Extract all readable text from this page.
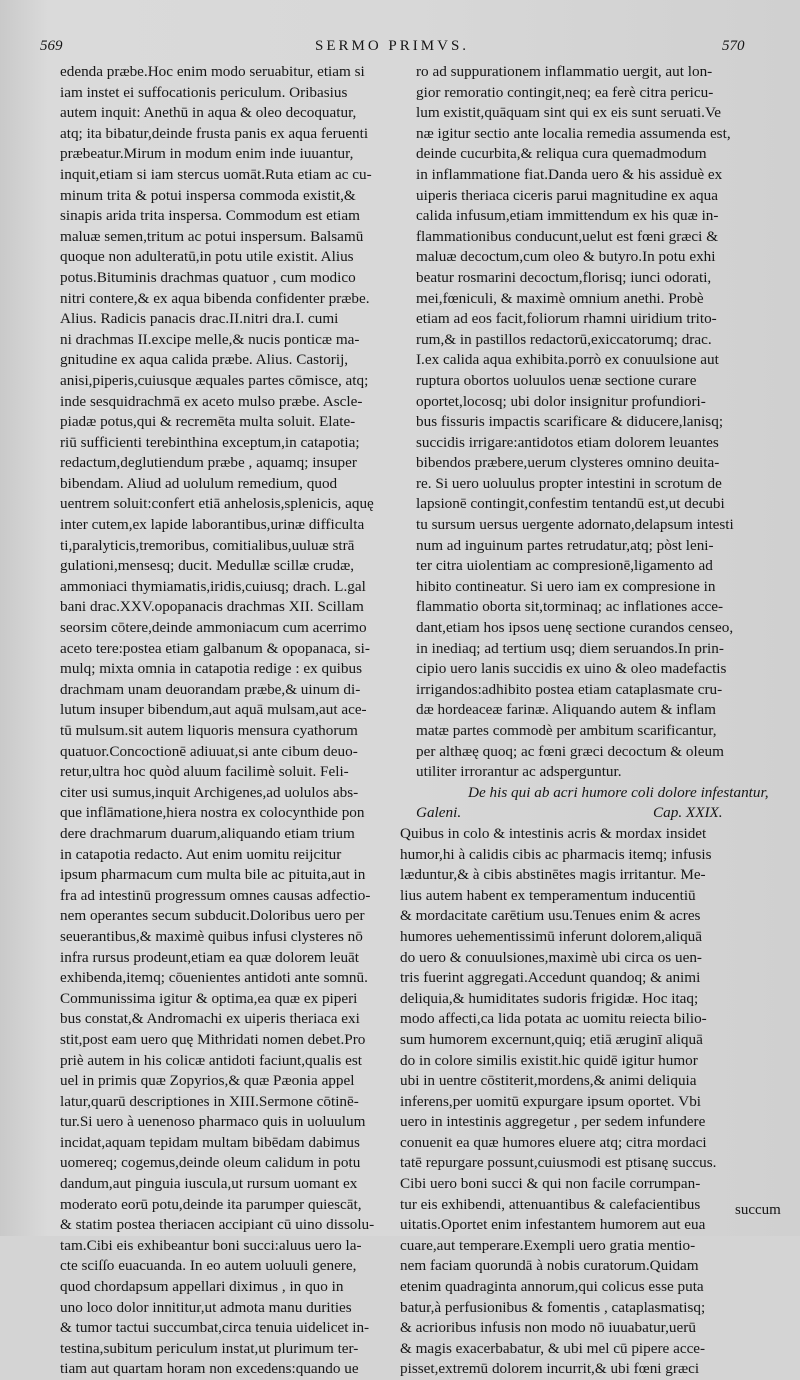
569	SERMO PRIMVS.	570
edenda præbe.Hoc enim modo seruabitur, etiam si
iam instet ei suffocationis periculum. Oribasius
autem inquit: Anethū in aqua & oleo decoquatur,
atq; ita bibatur,deinde frusta panis ex aqua feruenti
præbeatur.Mirum in modum enim inde iuuantur,
inquit,etiam si iam stercus uomāt.Ruta etiam ac cu-
minum trita & potui inspersa commoda existit,&
sinapis arida trita inspersa. Commodum est etiam
maluæ semen,tritum ac potui inspersum. Balsamū
quoque non adulteratū,in potu utile existit. Alius
potus.Bituminis drachmas quatuor , cum modico
nitri contere,& ex aqua bibenda confidenter præbe.
Alius. Radicis panacis drac.II.nitri dra.I. cumi
ni drachmas II.excipe melle,& nucis ponticæ ma-
gnitudine ex aqua calida præbe. Alius. Castorij,
anisi,piperis,cuiusque æquales partes cōmisce, atq;
inde sesquidrachmā ex aceto mulso præbe. Ascle-
piadæ potus,qui & recremēta multa soluit. Elate-
riū sufficienti terebinthina exceptum,in catapotia;
redactum,deglutiendum præbe , aquamq; insuper
bibendam. Aliud ad uolulum remedium, quod
uentrem soluit:confert etiā anhelosis,splenicis, aquę
inter cutem,ex lapide laborantibus,urinæ difficulta
ti,paralyticis,tremoribus, comitialibus,uuluæ strā
gulationi,mensesq; ducit. Medullæ scillæ crudæ,
ammoniaci thymiamatis,iridis,cuiusq; drach. L.gal
bani drac.XXV.opopanacis drachmas XII. Scillam
seorsim cōtere,deinde ammoniacum cum acerrimo
aceto tere:postea etiam galbanum & opopanaca, si-
mulq; mixta omnia in catapotia redige : ex quibus
drachmam unam deuorandam præbe,& uinum di-
lutum insuper bibendum,aut aquā mulsam,aut ace-
tū mulsum.sit autem liquoris mensura cyathorum
quatuor.Concoctionē adiuuat,si ante cibum deuo-
retur,ultra hoc quòd aluum facilimè soluit. Feli-
citer usi sumus,inquit Archigenes,ad uolulos abs-
que inflāmatione,hiera nostra ex colocynthide pon
dere drachmarum duarum,aliquando etiam trium
in catapotia redacto. Aut enim uomitu reijcitur
ipsum pharmacum cum multa bile ac pituita,aut in
fra ad intestinū progressum omnes causas adfectio-
nem operantes secum subducit.Doloribus uero per
seuerantibus,& maximè quibus infusi clysteres nō
infra rursus prodeunt,etiam ea quæ dolorem leuāt
exhibenda,itemq; cōuenientes antidoti ante somnū.
Communissima igitur & optima,ea quæ ex piperi
bus constat,& Andromachi ex uiperis theriaca exi
stit,post eam uero quę Mithridati nomen debet.Pro
priè autem in his colicæ antidoti faciunt,qualis est
uel in primis quæ Zopyrios,& quæ Pæonia appel
latur,quarū descriptiones in XIII.Sermone cōtinē-
tur.Si uero à uenenoso pharmaco quis in uoluulum
incidat,aquam tepidam multam bibēdam dabimus
uomereq; cogemus,deinde oleum calidum in potu
dandum,aut pinguia iuscula,ut rursum uomant ex
moderato eorū potu,deinde ita parumper quiescāt,
& statim postea theriacen accipiant cū uino dissolu-
tam.Cibi eis exhibeantur boni succi:aluus uero la-
cte sciſſo euacuanda. In eo autem uoluuli genere,
quod chordapsum appellari diximus , in quo in
uno loco dolor innititur,ut admota manu durities
& tumor tactui succumbat,circa tenuia uidelicet in-
testina,subitum periculum instat,ut plurimum ter-
tiam aut quartam horam non excedens:quando ue
ro ad suppurationem inflammatio uergit, aut lon-
gior remoratio contingit,neq; ea ferè citra pericu-
lum existit,quāquam sint qui ex eis sunt seruati.Ve
næ igitur sectio ante localia remedia assumenda est,
deinde cucurbita,& reliqua cura quemadmodum
in inflammatione fiat.Danda uero & his assiduè ex
uiperis theriaca ciceris parui magnitudine ex aqua
calida infusum,etiam immittendum ex his quæ in-
flammationibus conducunt,uelut est fœni græci &
maluæ decoctum,cum oleo & butyro.In potu exhi
beatur rosmarini decoctum,florisq; iunci odorati,
mei,fœniculi, & maximè omnium anethi. Probè
etiam ad eos facit,foliorum rhamni uiridium trito-
rum,& in pastillos redactorū,exiccatorumq; drac.
I.ex calida aqua exhibita.porrò ex conuulsione aut
ruptura obortos uoluulos uenæ sectione curare
oportet,locosq; ubi dolor insignitur profundiori-
bus fissuris impactis scarificare & diducere,lanisq;
succidis irrigare:antidotos etiam dolorem leuantes
bibendos præbere,uerum clysteres omnino deuita-
re. Si uero uoluulus propter intestini in scrotum de
lapsionē contingit,confestim tentandū est,ut decubi
tu sursum uersus uergente adornato,delapsum intesti
num ad inguinum partes retrudatur,atq; pòst leni-
ter citra uiolentiam ac compresionē,ligamento ad
hibito contineatur. Si uero iam ex compresione in
flammatio oborta sit,torminaq; ac inflationes acce-
dant,etiam hos ipsos uenę sectione curandos censeo,
in inediaq; ad tertium usq; diem seruandos.In prin-
cipio uero lanis succidis ex uino & oleo madefactis
irrigandos:adhibito postea etiam cataplasmate cru-
dæ hordeaceæ farinæ. Aliquando autem & inflam
matæ partes commodè per ambitum scarificantur,
per althæę quoq; ac fœni græci decoctum & oleum
utiliter irrorantur ac adsperguntur.
De his qui ab acri humore coli dolore infestantur,
Galeni.	Cap. XXIX.
Quibus in colo & intestinis acris & mordax insidet
humor,hi à calidis cibis ac pharmacis itemq; infusis
læduntur,& à cibis abstinētes magis irritantur. Me-
lius autem habent ex temperamentum inducentiū
& mordacitate carētium usu.Tenues enim & acres
humores uehementissimū inferunt dolorem,aliquā
do uero & conuulsiones,maximè ubi circa os uen-
tris fuerint aggregati.Accedunt quandoq; & animi
deliquia,& humiditates sudoris frigidæ. Hoc itaq;
modo affecti,ca lida potata ac uomitu reiecta bilio-
sum humorem excernunt,quiq; etiā æruginī aliquā
do in colore similis existit.hic quidē igitur humor
ubi in uentre cōstiterit,mordens,& animi deliquia
inferens,per uomitū expurgare ipsum oportet. Vbi
uero in intestinis aggregetur , per sedem infundere
conuenit ea quæ humores eluere atq; citra mordaci
tatē repurgare possunt,cuiusmodi est ptisanę succus.
Cibi uero boni succi & qui non facile corrumpan-
tur eis exhibendi, attenuantibus & calefacientibus
uitatis.Oportet enim infestantem humorem aut eua
cuare,aut temperare.Exempli uero gratia mentio-
nem faciam quorundā à nobis curatorum.Quidam
etenim quadraginta annorum,qui colicus esse puta
batur,à perfusionibus & fomentis , cataplasmatisq;
& acrioribus infusis non modo nō iuuabatur,uerū
& magis exacerbabatur, & ubi mel cū pipere acce-
pisset,extremū dolorem incurrit,& ubi fœni græci
succum
